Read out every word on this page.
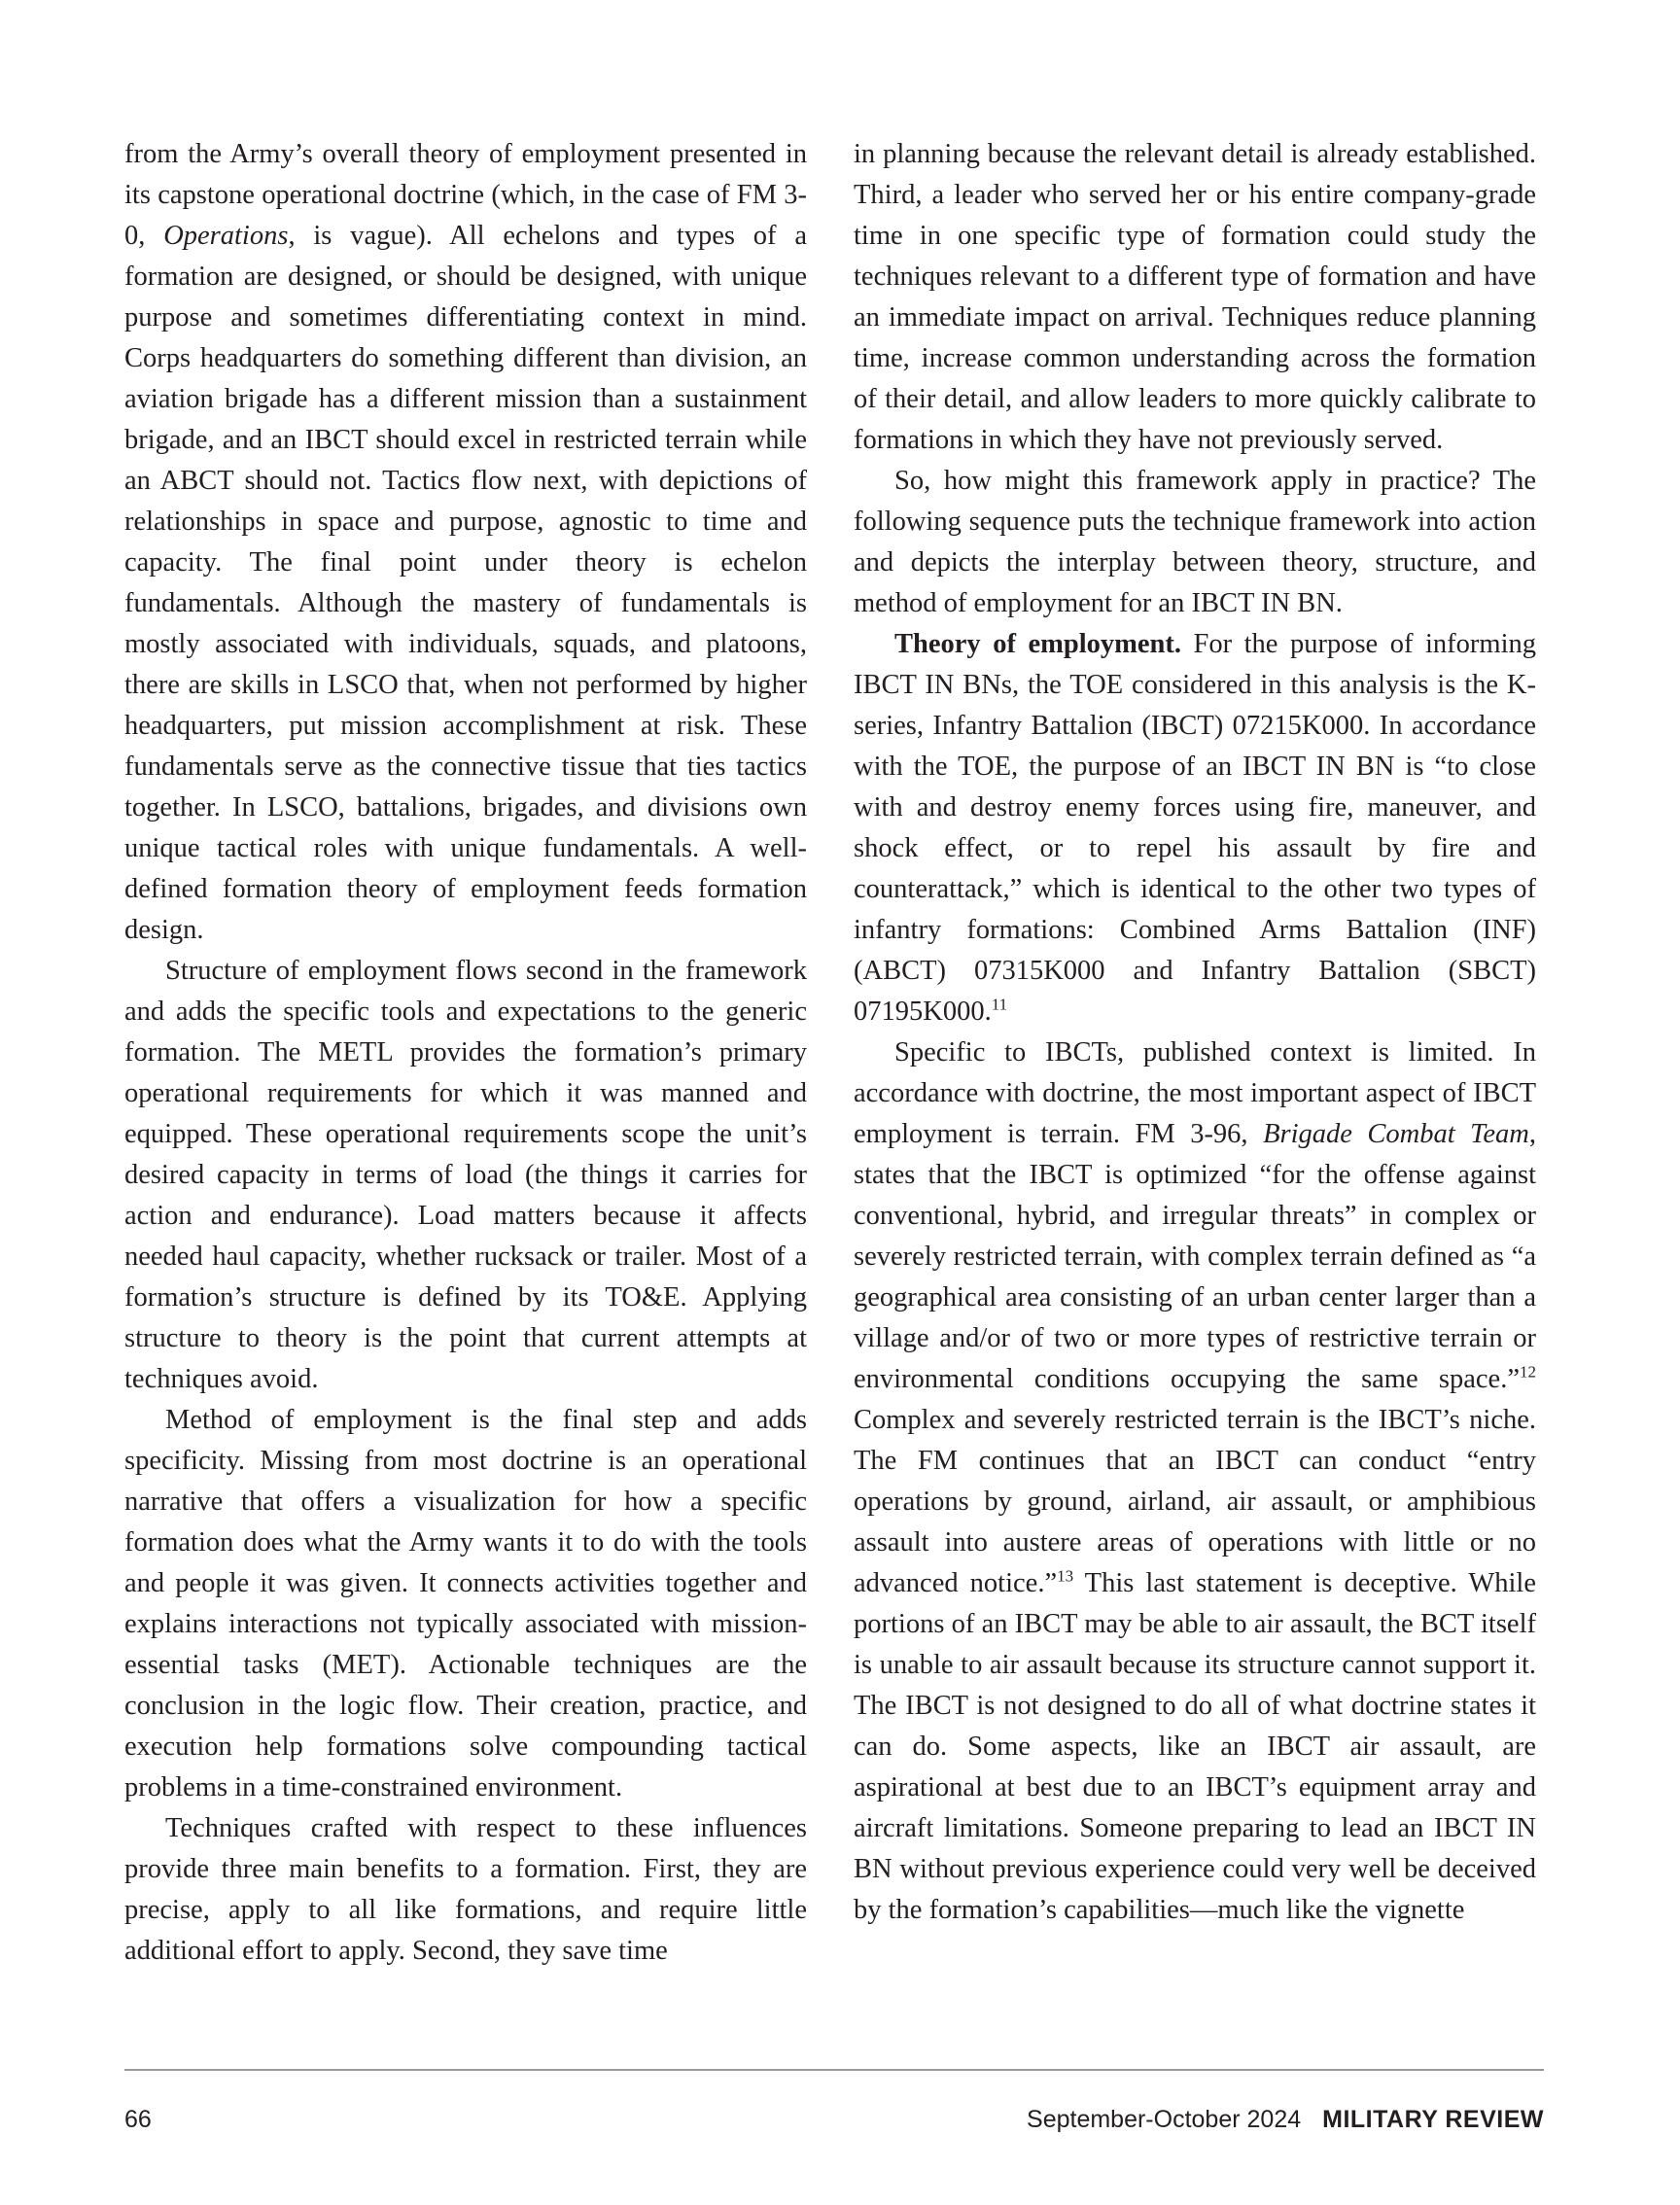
from the Army’s overall theory of employment presented in its capstone operational doctrine (which, in the case of FM 3-0, Operations, is vague). All echelons and types of a formation are designed, or should be designed, with unique purpose and sometimes differentiating context in mind. Corps headquarters do something different than division, an aviation brigade has a different mission than a sustainment brigade, and an IBCT should excel in restricted terrain while an ABCT should not. Tactics flow next, with depictions of relationships in space and purpose, agnostic to time and capacity. The final point under theory is echelon fundamentals. Although the mastery of fundamentals is mostly associated with individuals, squads, and platoons, there are skills in LSCO that, when not performed by higher headquarters, put mission accomplishment at risk. These fundamentals serve as the connective tissue that ties tactics together. In LSCO, battalions, brigades, and divisions own unique tactical roles with unique fundamentals. A well-defined formation theory of employment feeds formation design.

Structure of employment flows second in the framework and adds the specific tools and expectations to the generic formation. The METL provides the formation’s primary operational requirements for which it was manned and equipped. These operational requirements scope the unit’s desired capacity in terms of load (the things it carries for action and endurance). Load matters because it affects needed haul capacity, whether rucksack or trailer. Most of a formation’s structure is defined by its TO&E. Applying structure to theory is the point that current attempts at techniques avoid.

Method of employment is the final step and adds specificity. Missing from most doctrine is an operational narrative that offers a visualization for how a specific formation does what the Army wants it to do with the tools and people it was given. It connects activities together and explains interactions not typically associated with mission-essential tasks (MET). Actionable techniques are the conclusion in the logic flow. Their creation, practice, and execution help formations solve compounding tactical problems in a time-constrained environment.

Techniques crafted with respect to these influences provide three main benefits to a formation. First, they are precise, apply to all like formations, and require little additional effort to apply. Second, they save time

in planning because the relevant detail is already established. Third, a leader who served her or his entire company-grade time in one specific type of formation could study the techniques relevant to a different type of formation and have an immediate impact on arrival. Techniques reduce planning time, increase common understanding across the formation of their detail, and allow leaders to more quickly calibrate to formations in which they have not previously served.

So, how might this framework apply in practice? The following sequence puts the technique framework into action and depicts the interplay between theory, structure, and method of employment for an IBCT IN BN.

Theory of employment. For the purpose of informing IBCT IN BNs, the TOE considered in this analysis is the K-series, Infantry Battalion (IBCT) 07215K000. In accordance with the TOE, the purpose of an IBCT IN BN is “to close with and destroy enemy forces using fire, maneuver, and shock effect, or to repel his assault by fire and counterattack,” which is identical to the other two types of infantry formations: Combined Arms Battalion (INF) (ABCT) 07315K000 and Infantry Battalion (SBCT) 07195K000.11

Specific to IBCTs, published context is limited. In accordance with doctrine, the most important aspect of IBCT employment is terrain. FM 3-96, Brigade Combat Team, states that the IBCT is optimized “for the offense against conventional, hybrid, and irregular threats” in complex or severely restricted terrain, with complex terrain defined as “a geographical area consisting of an urban center larger than a village and/or of two or more types of restrictive terrain or environmental conditions occupying the same space.”$^{12}$ Complex and severely restricted terrain is the IBCT’s niche. The FM continues that an IBCT can conduct “entry operations by ground, airland, air assault, or amphibious assault into austere areas of operations with little or no advanced notice.”$^{13}$ This last statement is deceptive. While portions of an IBCT may be able to air assault, the BCT itself is unable to air assault because its structure cannot support it. The IBCT is not designed to do all of what doctrine states it can do. Some aspects, like an IBCT air assault, are aspirational at best due to an IBCT’s equipment array and aircraft limitations. Someone preparing to lead an IBCT IN BN without previous experience could very well be deceived by the formation’s capabilities—much like the vignette

66	September-October 2024 MILITARY REVIEW
